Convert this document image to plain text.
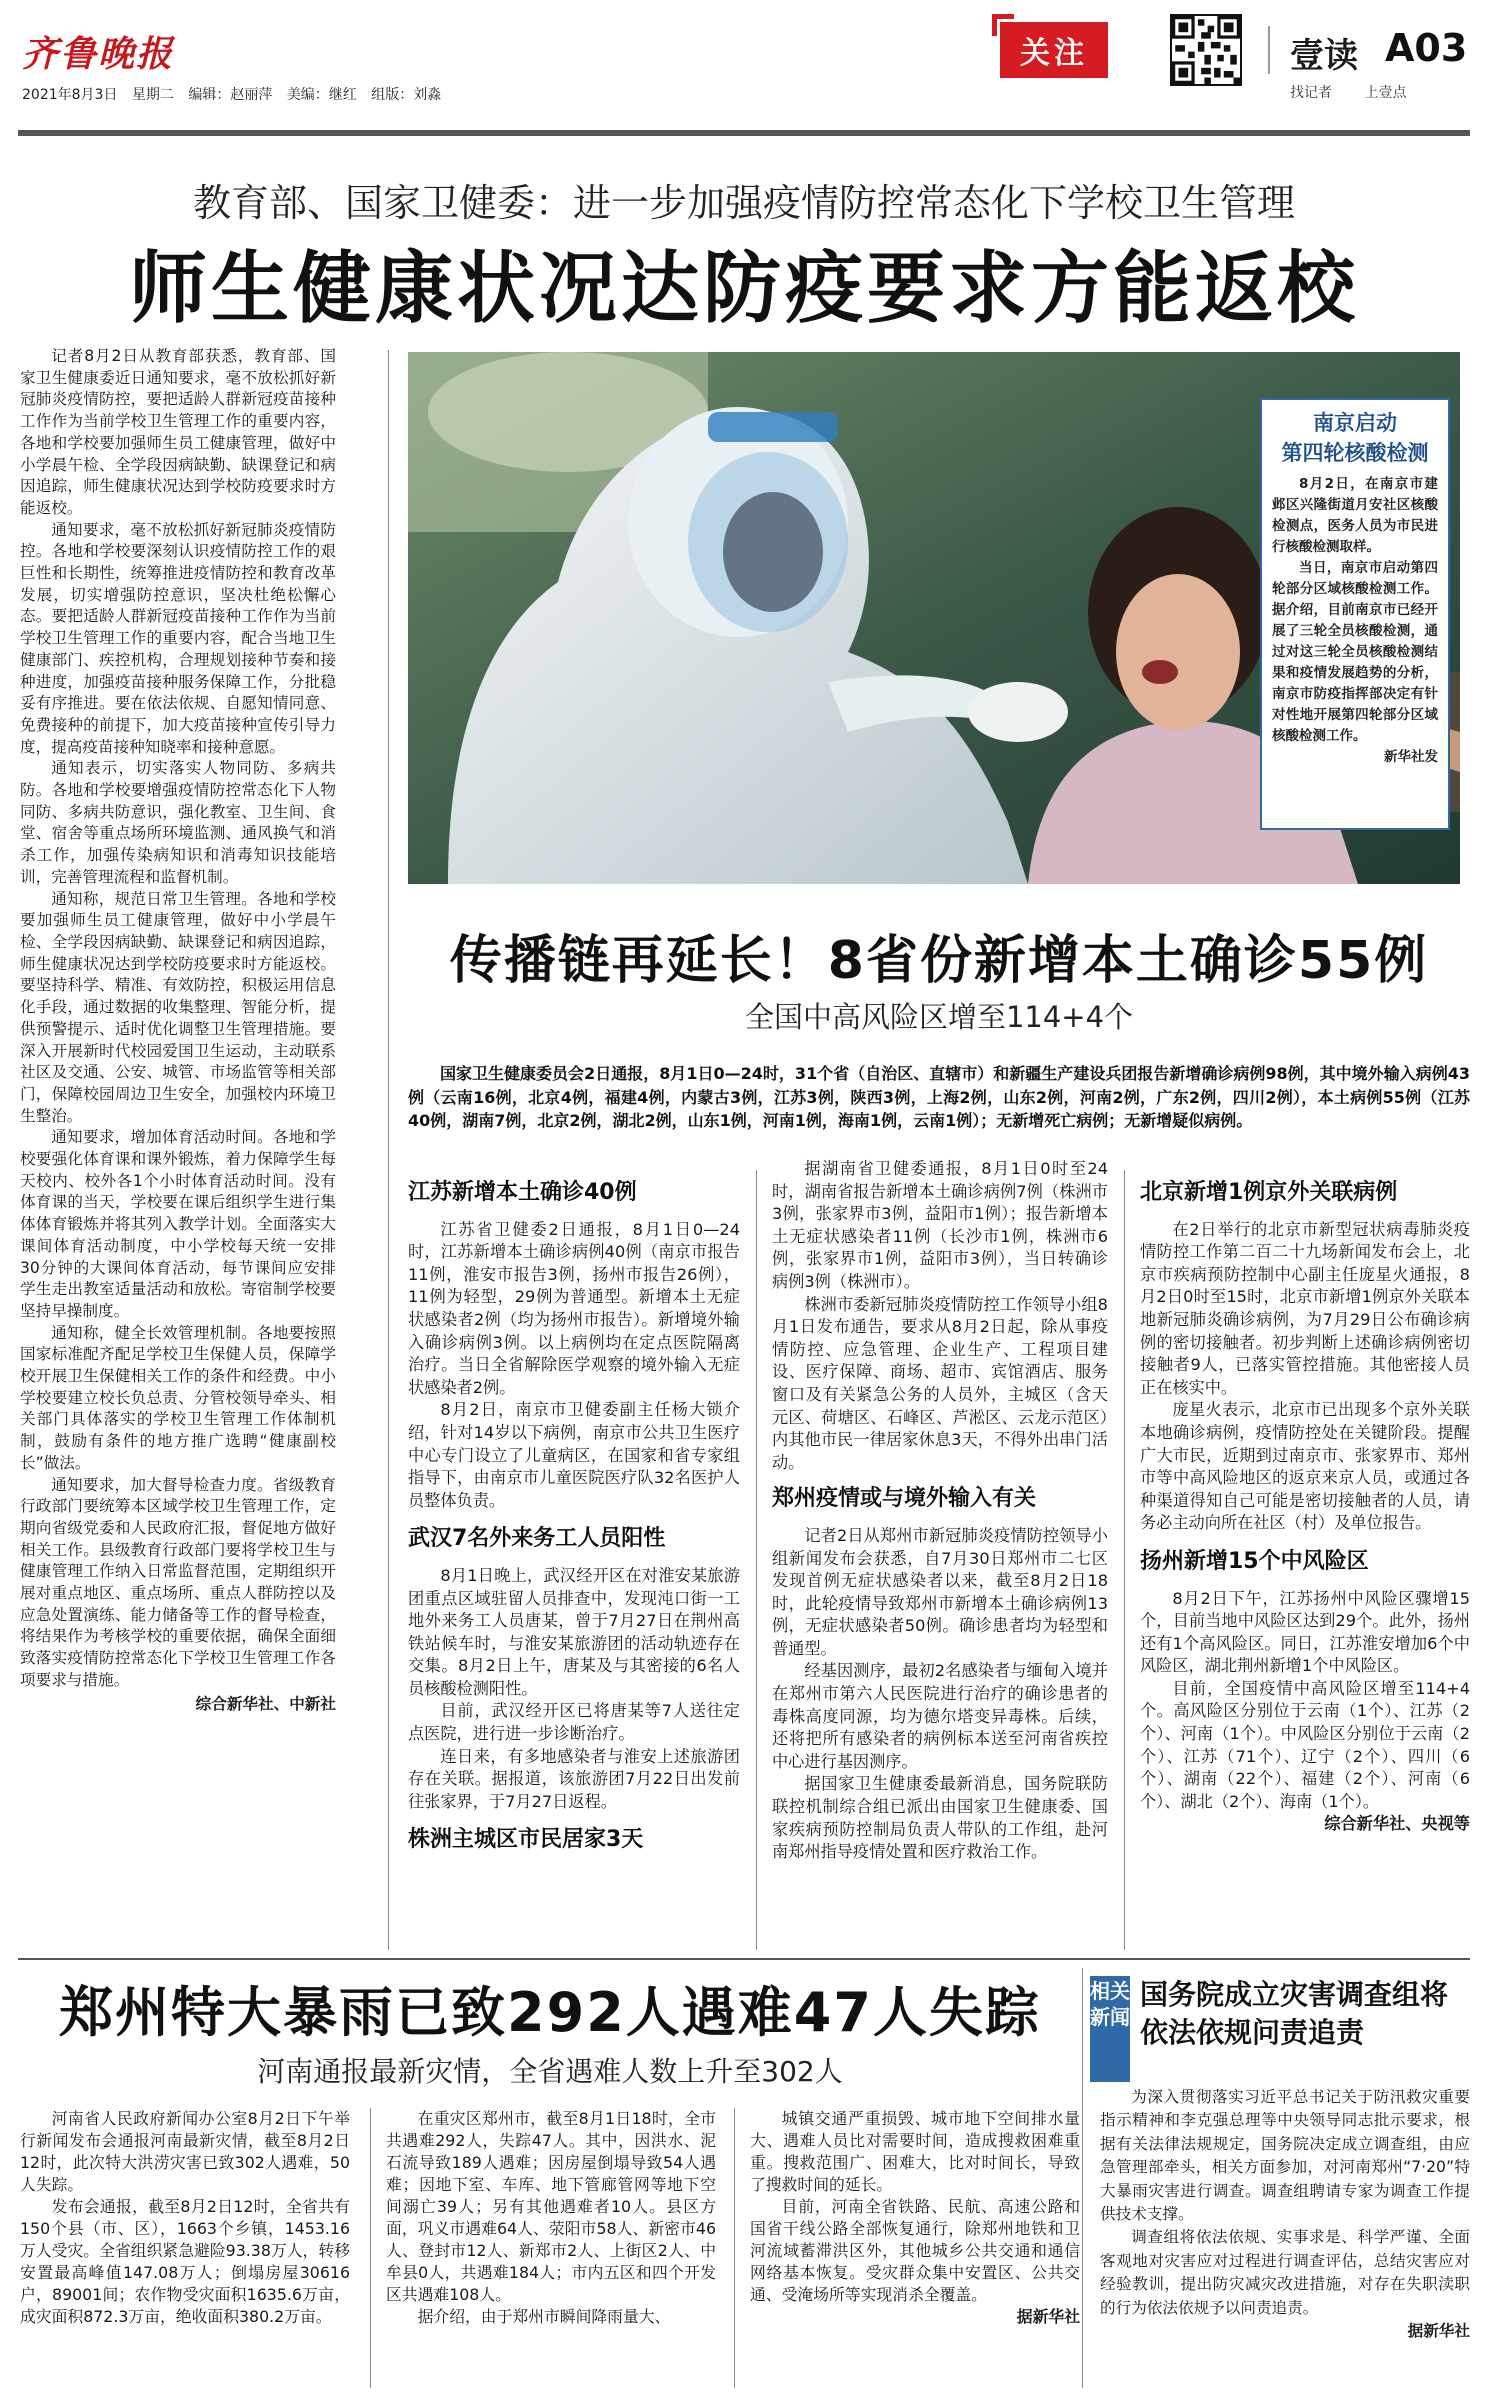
齐鲁晚报
2021年8月3日 星期二 编辑：赵丽萍 美编：继红 组版：刘淼
关注	壹读 A03
找记者 上壹点
教育部、国家卫健委：进一步加强疫情防控常态化下学校卫生管理
师生健康状况达防疫要求方能返校

记者8月2日从教育部获悉，教育部、国家卫生健康委近日通知要求，毫不放松抓好新冠肺炎疫情防控，要把适龄人群新冠疫苗接种工作作为当前学校卫生管理工作的重要内容，各地和学校要加强师生员工健康管理，做好中小学晨午检、全学段因病缺勤、缺课登记和病因追踪，师生健康状况达到学校防疫要求时方能返校。

通知要求，毫不放松抓好新冠肺炎疫情防控。各地和学校要深刻认识疫情防控工作的艰巨性和长期性，统筹推进疫情防控和教育改革发展，切实增强防控意识，坚决杜绝松懈心态。要把适龄人群新冠疫苗接种工作作为当前学校卫生管理工作的重要内容，配合当地卫生健康部门、疾控机构，合理规划接种节奏和接种进度，加强疫苗接种服务保障工作，分批稳妥有序推进。要在依法依规、自愿知情同意、免费接种的前提下，加大疫苗接种宣传引导力度，提高疫苗接种知晓率和接种意愿。

通知表示，切实落实人物同防、多病共防。各地和学校要增强疫情防控常态化下人物同防、多病共防意识，强化教室、卫生间、食堂、宿舍等重点场所环境监测、通风换气和消杀工作，加强传染病知识和消毒知识技能培训，完善管理流程和监督机制。

通知称，规范日常卫生管理。各地和学校要加强师生员工健康管理，做好中小学晨午检、全学段因病缺勤、缺课登记和病因追踪，师生健康状况达到学校防疫要求时方能返校。要坚持科学、精准、有效防控，积极运用信息化手段，通过数据的收集整理、智能分析，提供预警提示、适时优化调整卫生管理措施。要深入开展新时代校园爱国卫生运动，主动联系社区及交通、公安、城管、市场监管等相关部门，保障校园周边卫生安全，加强校内环境卫生整治。

通知要求，增加体育活动时间。各地和学校要强化体育课和课外锻炼，着力保障学生每天校内、校外各1个小时体育活动时间。没有体育课的当天，学校要在课后组织学生进行集体体育锻炼并将其列入教学计划。全面落实大课间体育活动制度，中小学校每天统一安排30分钟的大课间体育活动，每节课间应安排学生走出教室适量活动和放松。寄宿制学校要坚持早操制度。

通知称，健全长效管理机制。各地要按照国家标准配齐配足学校卫生保健人员，保障学校开展卫生保健相关工作的条件和经费。中小学校要建立校长负总责、分管校领导牵头、相关部门具体落实的学校卫生管理工作体制机制，鼓励有条件的地方推广选聘“健康副校长”做法。

通知要求，加大督导检查力度。省级教育行政部门要统筹本区域学校卫生管理工作，定期向省级党委和人民政府汇报，督促地方做好相关工作。县级教育行政部门要将学校卫生与健康管理工作纳入日常监督范围，定期组织开展对重点地区、重点场所、重点人群防控以及应急处置演练、能力储备等工作的督导检查，将结果作为考核学校的重要依据，确保全面细致落实疫情防控常态化下学校卫生管理工作各项要求与措施。

综合新华社、中新社
南京启动
第四轮核酸检测

8月2日，在南京市建邺区兴隆街道月安社区核酸检测点，医务人员为市民进行核酸检测取样。

当日，南京市启动第四轮部分区域核酸检测工作。据介绍，目前南京市已经开展了三轮全员核酸检测，通过对这三轮全员核酸检测结果和疫情发展趋势的分析，南京市防疫指挥部决定有针对性地开展第四轮部分区域核酸检测工作。

新华社发
传播链再延长！8省份新增本土确诊55例
全国中高风险区增至114+4个
国家卫生健康委员会2日通报，8月1日0—24时，31个省（自治区、直辖市）和新疆生产建设兵团报告新增确诊病例98例，其中境外输入病例43例（云南16例，北京4例，福建4例，内蒙古3例，江苏3例，陕西3例，上海2例，山东2例，河南2例，广东2例，四川2例），本土病例55例（江苏40例，湖南7例，北京2例，湖北2例，山东1例，河南1例，海南1例，云南1例）；无新增死亡病例；无新增疑似病例。
江苏新增本土确诊40例

江苏省卫健委2日通报，8月1日0—24时，江苏新增本土确诊病例40例（南京市报告11例，淮安市报告3例，扬州市报告26例），11例为轻型，29例为普通型。新增本土无症状感染者2例（均为扬州市报告）。新增境外输入确诊病例3例。以上病例均在定点医院隔离治疗。当日全省解除医学观察的境外输入无症状感染者2例。

8月2日，南京市卫健委副主任杨大锁介绍，针对14岁以下病例，南京市公共卫生医疗中心专门设立了儿童病区，在国家和省专家组指导下，由南京市儿童医院医疗队32名医护人员整体负责。

武汉7名外来务工人员阳性

8月1日晚上，武汉经开区在对淮安某旅游团重点区域驻留人员排查中，发现沌口街一工地外来务工人员唐某，曾于7月27日在荆州高铁站候车时，与淮安某旅游团的活动轨迹存在交集。8月2日上午，唐某及与其密接的6名人员核酸检测阳性。

目前，武汉经开区已将唐某等7人送往定点医院，进行进一步诊断治疗。

连日来，有多地感染者与淮安上述旅游团存在关联。据报道，该旅游团7月22日出发前往张家界，于7月27日返程。

株洲主城区市民居家3天

据湖南省卫健委通报，8月1日0时至24时，湖南省报告新增本土确诊病例7例（株洲市3例，张家界市3例，益阳市1例）；报告新增本土无症状感染者11例（长沙市1例，株洲市6例，张家界市1例，益阳市3例），当日转确诊病例3例（株洲市）。

株洲市委新冠肺炎疫情防控工作领导小组8月1日发布通告，要求从8月2日起，除从事疫情防控、应急管理、企业生产、工程项目建设、医疗保障、商场、超市、宾馆酒店、服务窗口及有关紧急公务的人员外，主城区（含天元区、荷塘区、石峰区、芦淞区、云龙示范区）内其他市民一律居家休息3天，不得外出串门活动。

郑州疫情或与境外输入有关

记者2日从郑州市新冠肺炎疫情防控领导小组新闻发布会获悉，自7月30日郑州市二七区发现首例无症状感染者以来，截至8月2日18时，此轮疫情导致郑州市新增本土确诊病例13例，无症状感染者50例。确诊患者均为轻型和普通型。

经基因测序，最初2名感染者与缅甸入境并在郑州市第六人民医院进行治疗的确诊患者的毒株高度同源，均为德尔塔变异毒株。后续，还将把所有感染者的病例标本送至河南省疾控中心进行基因测序。

据国家卫生健康委最新消息，国务院联防联控机制综合组已派出由国家卫生健康委、国家疾病预防控制局负责人带队的工作组，赴河南郑州指导疫情处置和医疗救治工作。

北京新增1例京外关联病例

在2日举行的北京市新型冠状病毒肺炎疫情防控工作第二百二十九场新闻发布会上，北京市疾病预防控制中心副主任庞星火通报，8月2日0时至15时，北京市新增1例京外关联本地新冠肺炎确诊病例，为7月29日公布确诊病例的密切接触者。初步判断上述确诊病例密切接触者9人，已落实管控措施。其他密接人员正在核实中。

庞星火表示，北京市已出现多个京外关联本地确诊病例，疫情防控处在关键阶段。提醒广大市民，近期到过南京市、张家界市、郑州市等中高风险地区的返京来京人员，或通过各种渠道得知自己可能是密切接触者的人员，请务必主动向所在社区（村）及单位报告。

扬州新增15个中风险区

8月2日下午，江苏扬州中风险区骤增15个，目前当地中风险区达到29个。此外，扬州还有1个高风险区。同日，江苏淮安增加6个中风险区，湖北荆州新增1个中风险区。

目前，全国疫情中高风险区增至114+4个。高风险区分别位于云南（1个）、江苏（2个）、河南（1个）。中风险区分别位于云南（2个）、江苏（71个）、辽宁（2个）、四川（6个）、湖南（22个）、福建（2个）、河南（6个）、湖北（2个）、海南（1个）。

综合新华社、央视等
郑州特大暴雨已致292人遇难47人失踪
河南通报最新灾情，全省遇难人数上升至302人

河南省人民政府新闻办公室8月2日下午举行新闻发布会通报河南最新灾情，截至8月2日12时，此次特大洪涝灾害已致302人遇难，50人失踪。

发布会通报，截至8月2日12时，全省共有150个县（市、区），1663个乡镇，1453.16万人受灾。全省组织紧急避险93.38万人，转移安置最高峰值147.08万人；倒塌房屋30616户，89001间；农作物受灾面积1635.6万亩，成灾面积872.3万亩，绝收面积380.2万亩。

在重灾区郑州市，截至8月1日18时，全市共遇难292人，失踪47人。其中，因洪水、泥石流导致189人遇难；因房屋倒塌导致54人遇难；因地下室、车库、地下管廊管网等地下空间溺亡39人；另有其他遇难者10人。县区方面，巩义市遇难64人、荥阳市58人、新密市46人、登封市12人、新郑市2人、上街区2人、中牟县0人，共遇难184人；市内五区和四个开发区共遇难108人。

据介绍，由于郑州市瞬间降雨量大、

城镇交通严重损毁、城市地下空间排水量大、遇难人员比对需要时间，造成搜救困难重重。搜救范围广、困难大，比对时间长，导致了搜救时间的延长。

目前，河南全省铁路、民航、高速公路和国省干线公路全部恢复通行，除郑州地铁和卫河流域蓄滞洪区外，其他城乡公共交通和通信网络基本恢复。受灾群众集中安置区、公共交通、受淹场所等实现消杀全覆盖。

据新华社
相关新闻
国务院成立灾害调查组将依法依规问责追责

为深入贯彻落实习近平总书记关于防汛救灾重要指示精神和李克强总理等中央领导同志批示要求，根据有关法律法规规定，国务院决定成立调查组，由应急管理部牵头，相关方面参加，对河南郑州“7·20”特大暴雨灾害进行调查。调查组聘请专家为调查工作提供技术支撑。

调查组将依法依规、实事求是、科学严谨、全面客观地对灾害应对过程进行调查评估，总结灾害应对经验教训，提出防灾减灾改进措施，对存在失职渎职的行为依法依规予以问责追责。

据新华社
